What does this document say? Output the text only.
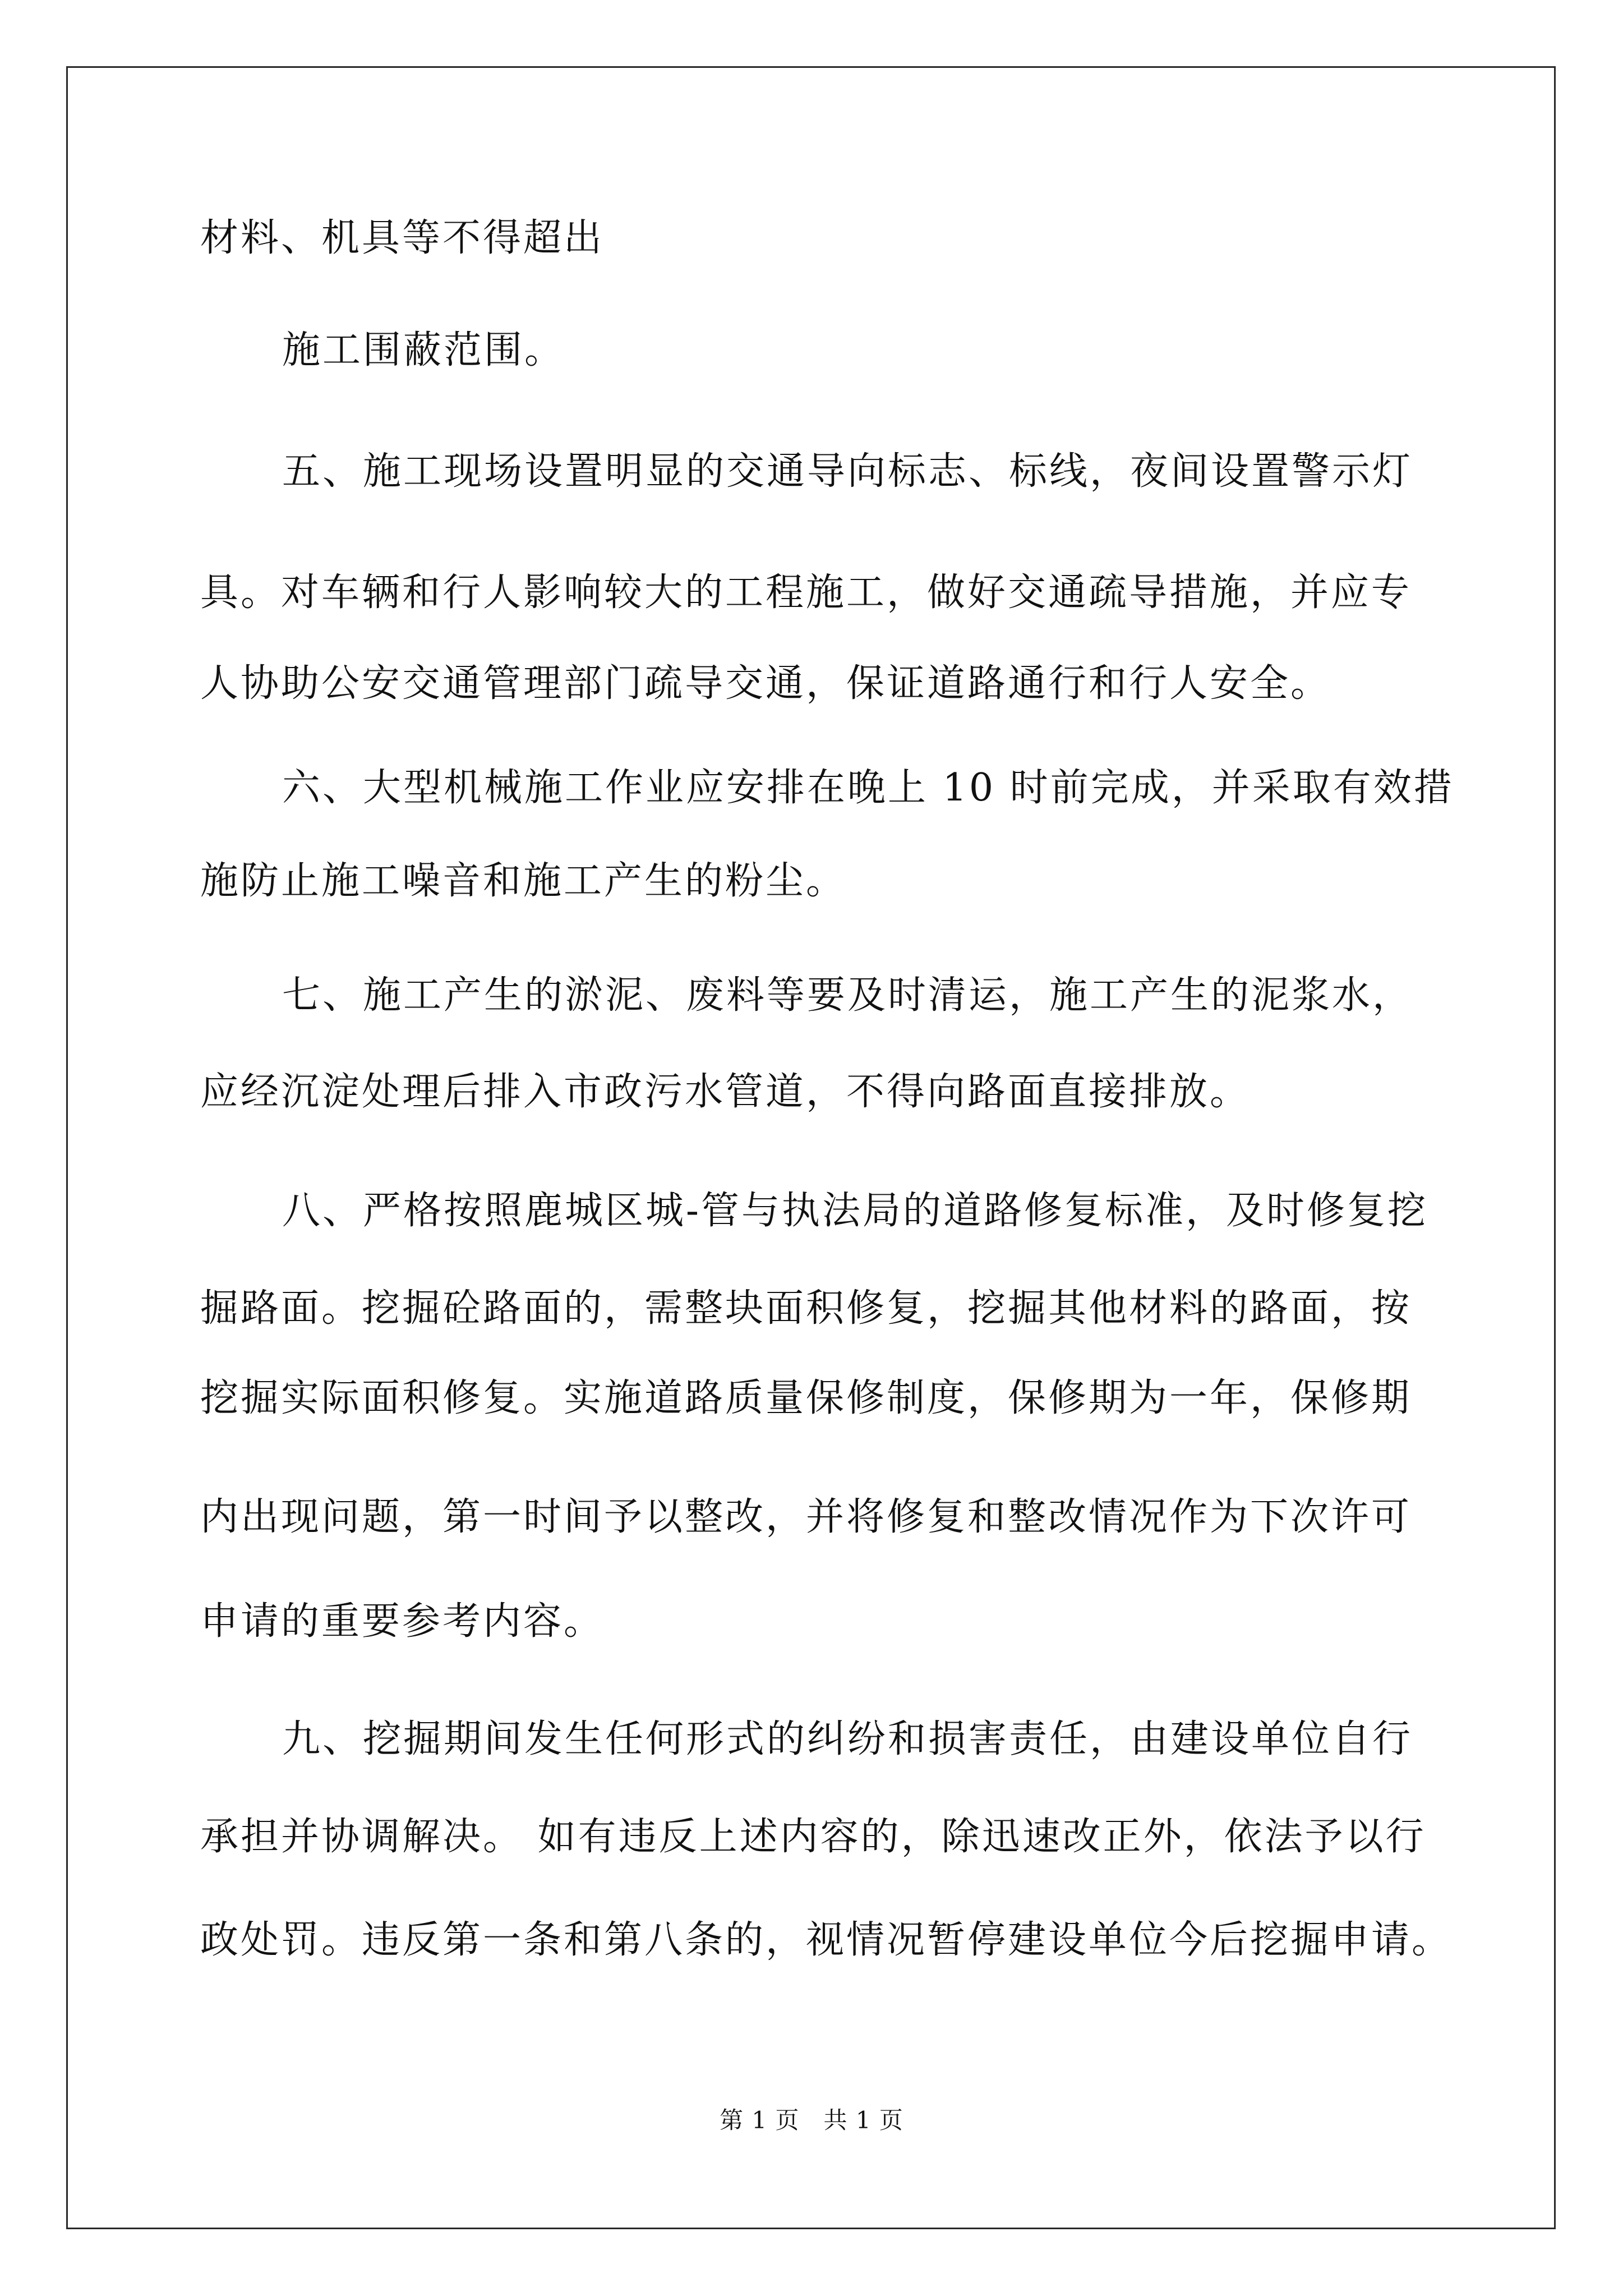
材料、机具等不得超出

施工围蔽范围。

五、施工现场设置明显的交通导向标志、标线，夜间设置警示灯

具。对车辆和行人影响较大的工程施工，做好交通疏导措施，并应专

人协助公安交通管理部门疏导交通，保证道路通行和行人安全。

六、大型机械施工作业应安排在晚上 10 时前完成，并采取有效措

施防止施工噪音和施工产生的粉尘。

七、施工产生的淤泥、废料等要及时清运，施工产生的泥浆水，

应经沉淀处理后排入市政污水管道，不得向路面直接排放。

八、严格按照鹿城区城-管与执法局的道路修复标准，及时修复挖

掘路面。挖掘砼路面的，需整块面积修复，挖掘其他材料的路面，按

挖掘实际面积修复。实施道路质量保修制度，保修期为一年，保修期

内出现问题，第一时间予以整改，并将修复和整改情况作为下次许可

申请的重要参考内容。

九、挖掘期间发生任何形式的纠纷和损害责任，由建设单位自行

承担并协调解决。 如有违反上述内容的，除迅速改正外，依法予以行

政处罚。违反第一条和第八条的，视情况暂停建设单位今后挖掘申请。

第 1 页　共 1 页
